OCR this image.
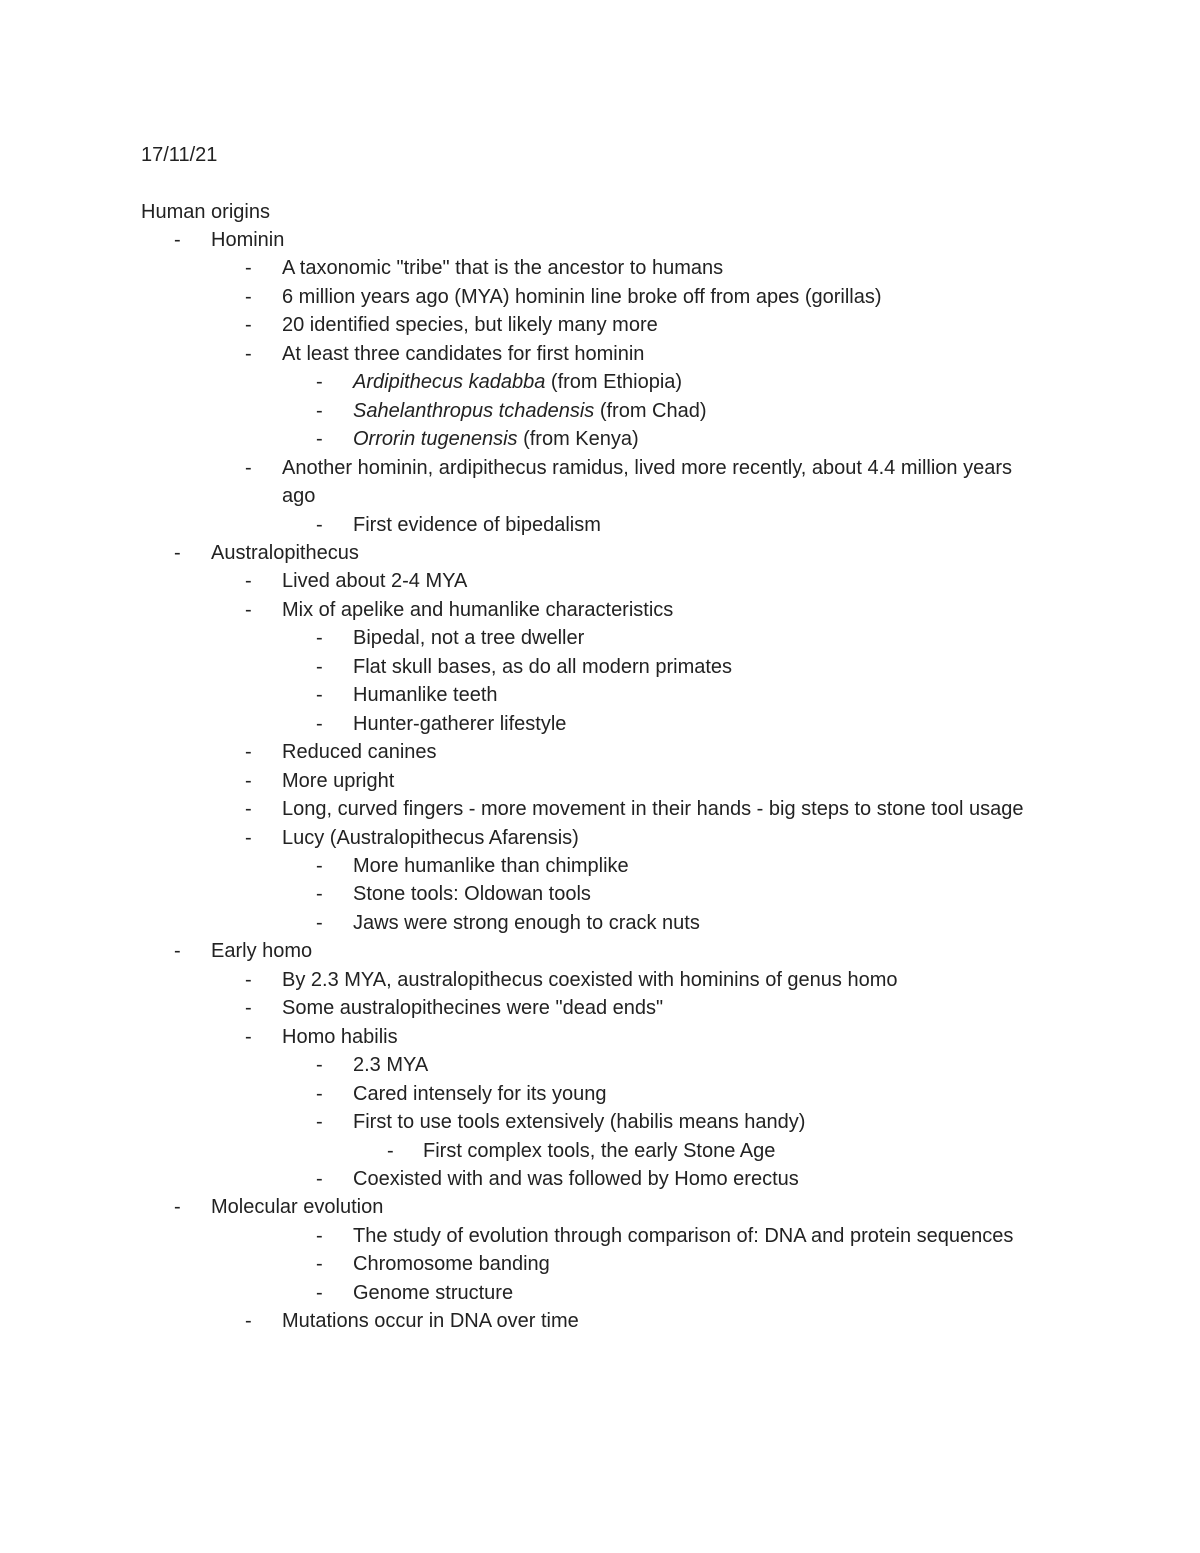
17/11/21
Human origins
- Hominin
- A taxonomic "tribe" that is the ancestor to humans
- 6 million years ago (MYA) hominin line broke off from apes (gorillas)
- 20 identified species, but likely many more
- At least three candidates for first hominin
- Ardipithecus kadabba (from Ethiopia)
- Sahelanthropus tchadensis (from Chad)
- Orrorin tugenensis (from Kenya)
- Another hominin, ardipithecus ramidus, lived more recently, about 4.4 million years ago
- First evidence of bipedalism
- Australopithecus
- Lived about 2-4 MYA
- Mix of apelike and humanlike characteristics
- Bipedal, not a tree dweller
- Flat skull bases, as do all modern primates
- Humanlike teeth
- Hunter-gatherer lifestyle
- Reduced canines
- More upright
- Long, curved fingers - more movement in their hands - big steps to stone tool usage
- Lucy (Australopithecus Afarensis)
- More humanlike than chimplike
- Stone tools: Oldowan tools
- Jaws were strong enough to crack nuts
- Early homo
- By 2.3 MYA, australopithecus coexisted with hominins of genus homo
- Some australopithecines were "dead ends"
- Homo habilis
- 2.3 MYA
- Cared intensely for its young
- First to use tools extensively (habilis means handy)
- First complex tools, the early Stone Age
- Coexisted with and was followed by Homo erectus
- Molecular evolution
- The study of evolution through comparison of: DNA and protein sequences
- Chromosome banding
- Genome structure
- Mutations occur in DNA over time
